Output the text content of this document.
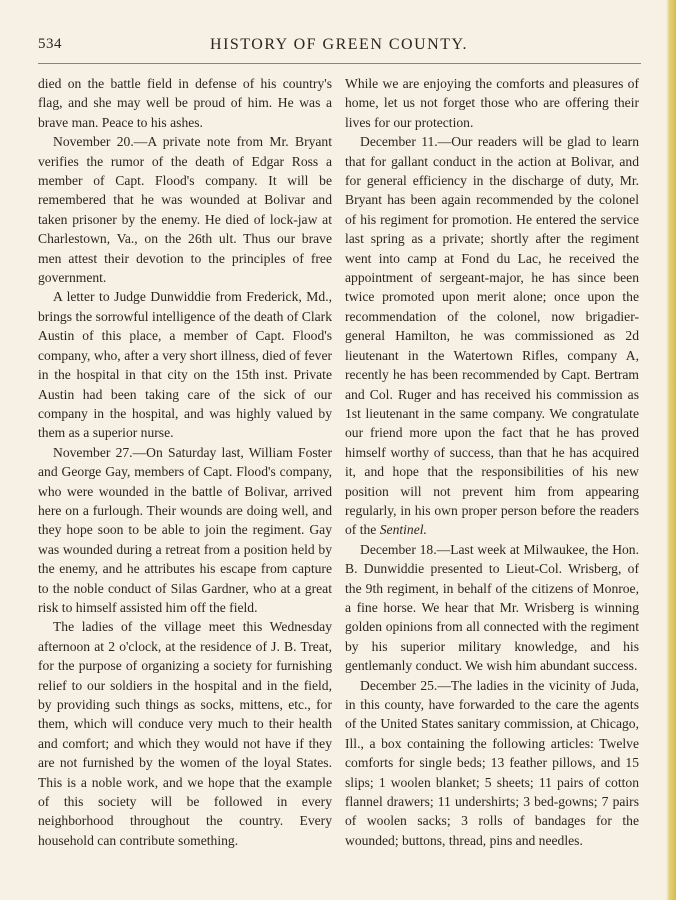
534	HISTORY OF GREEN COUNTY.

died on the battle field in defense of his country's flag, and she may well be proud of him. He was a brave man. Peace to his ashes.

November 20.—A private note from Mr. Bryant verifies the rumor of the death of Edgar Ross a member of Capt. Flood's company. It will be remembered that he was wounded at Bolivar and taken prisoner by the enemy. He died of lock-jaw at Charlestown, Va., on the 26th ult. Thus our brave men attest their devotion to the principles of free government.

A letter to Judge Dunwiddie from Frederick, Md., brings the sorrowful intelligence of the death of Clark Austin of this place, a member of Capt. Flood's company, who, after a very short illness, died of fever in the hospital in that city on the 15th inst. Private Austin had been taking care of the sick of our company in the hospital, and was highly valued by them as a superior nurse.

November 27.—On Saturday last, William Foster and George Gay, members of Capt. Flood's company, who were wounded in the battle of Bolivar, arrived here on a furlough. Their wounds are doing well, and they hope soon to be able to join the regiment. Gay was wounded during a retreat from a position held by the enemy, and he attributes his escape from capture to the noble conduct of Silas Gardner, who at a great risk to himself assisted him off the field.

The ladies of the village meet this Wednesday afternoon at 2 o'clock, at the residence of J. B. Treat, for the purpose of organizing a society for furnishing relief to our soldiers in the hospital and in the field, by providing such things as socks, mittens, etc., for them, which will conduce very much to their health and comfort; and which they would not have if they are not furnished by the women of the loyal States. This is a noble work, and we hope that the example of this society will be followed in every neighborhood throughout the country. Every household can contribute something.

While we are enjoying the comforts and pleasures of home, let us not forget those who are offering their lives for our protection.

December 11.—Our readers will be glad to learn that for gallant conduct in the action at Bolivar, and for general efficiency in the discharge of duty, Mr. Bryant has been again recommended by the colonel of his regiment for promotion. He entered the service last spring as a private; shortly after the regiment went into camp at Fond du Lac, he received the appointment of sergeant-major, he has since been twice promoted upon merit alone; once upon the recommendation of the colonel, now brigadier-general Hamilton, he was commissioned as 2d lieutenant in the Watertown Rifles, company A, recently he has been recommended by Capt. Bertram and Col. Ruger and has received his commission as 1st lieutenant in the same company. We congratulate our friend more upon the fact that he has proved himself worthy of success, than that he has acquired it, and hope that the responsibilities of his new position will not prevent him from appearing regularly, in his own proper person before the readers of the Sentinel.

December 18.—Last week at Milwaukee, the Hon. B. Dunwiddie presented to Lieut-Col. Wrisberg, of the 9th regiment, in behalf of the citizens of Monroe, a fine horse. We hear that Mr. Wrisberg is winning golden opinions from all connected with the regiment by his superior military knowledge, and his gentlemanly conduct. We wish him abundant success.

December 25.—The ladies in the vicinity of Juda, in this county, have forwarded to the care the agents of the United States sanitary commission, at Chicago, Ill., a box containing the following articles: Twelve comforts for single beds; 13 feather pillows, and 15 slips; 1 woolen blanket; 5 sheets; 11 pairs of cotton flannel drawers; 11 undershirts; 3 bed-gowns; 7 pairs of woolen sacks; 3 rolls of bandages for the wounded; buttons, thread, pins and needles.
